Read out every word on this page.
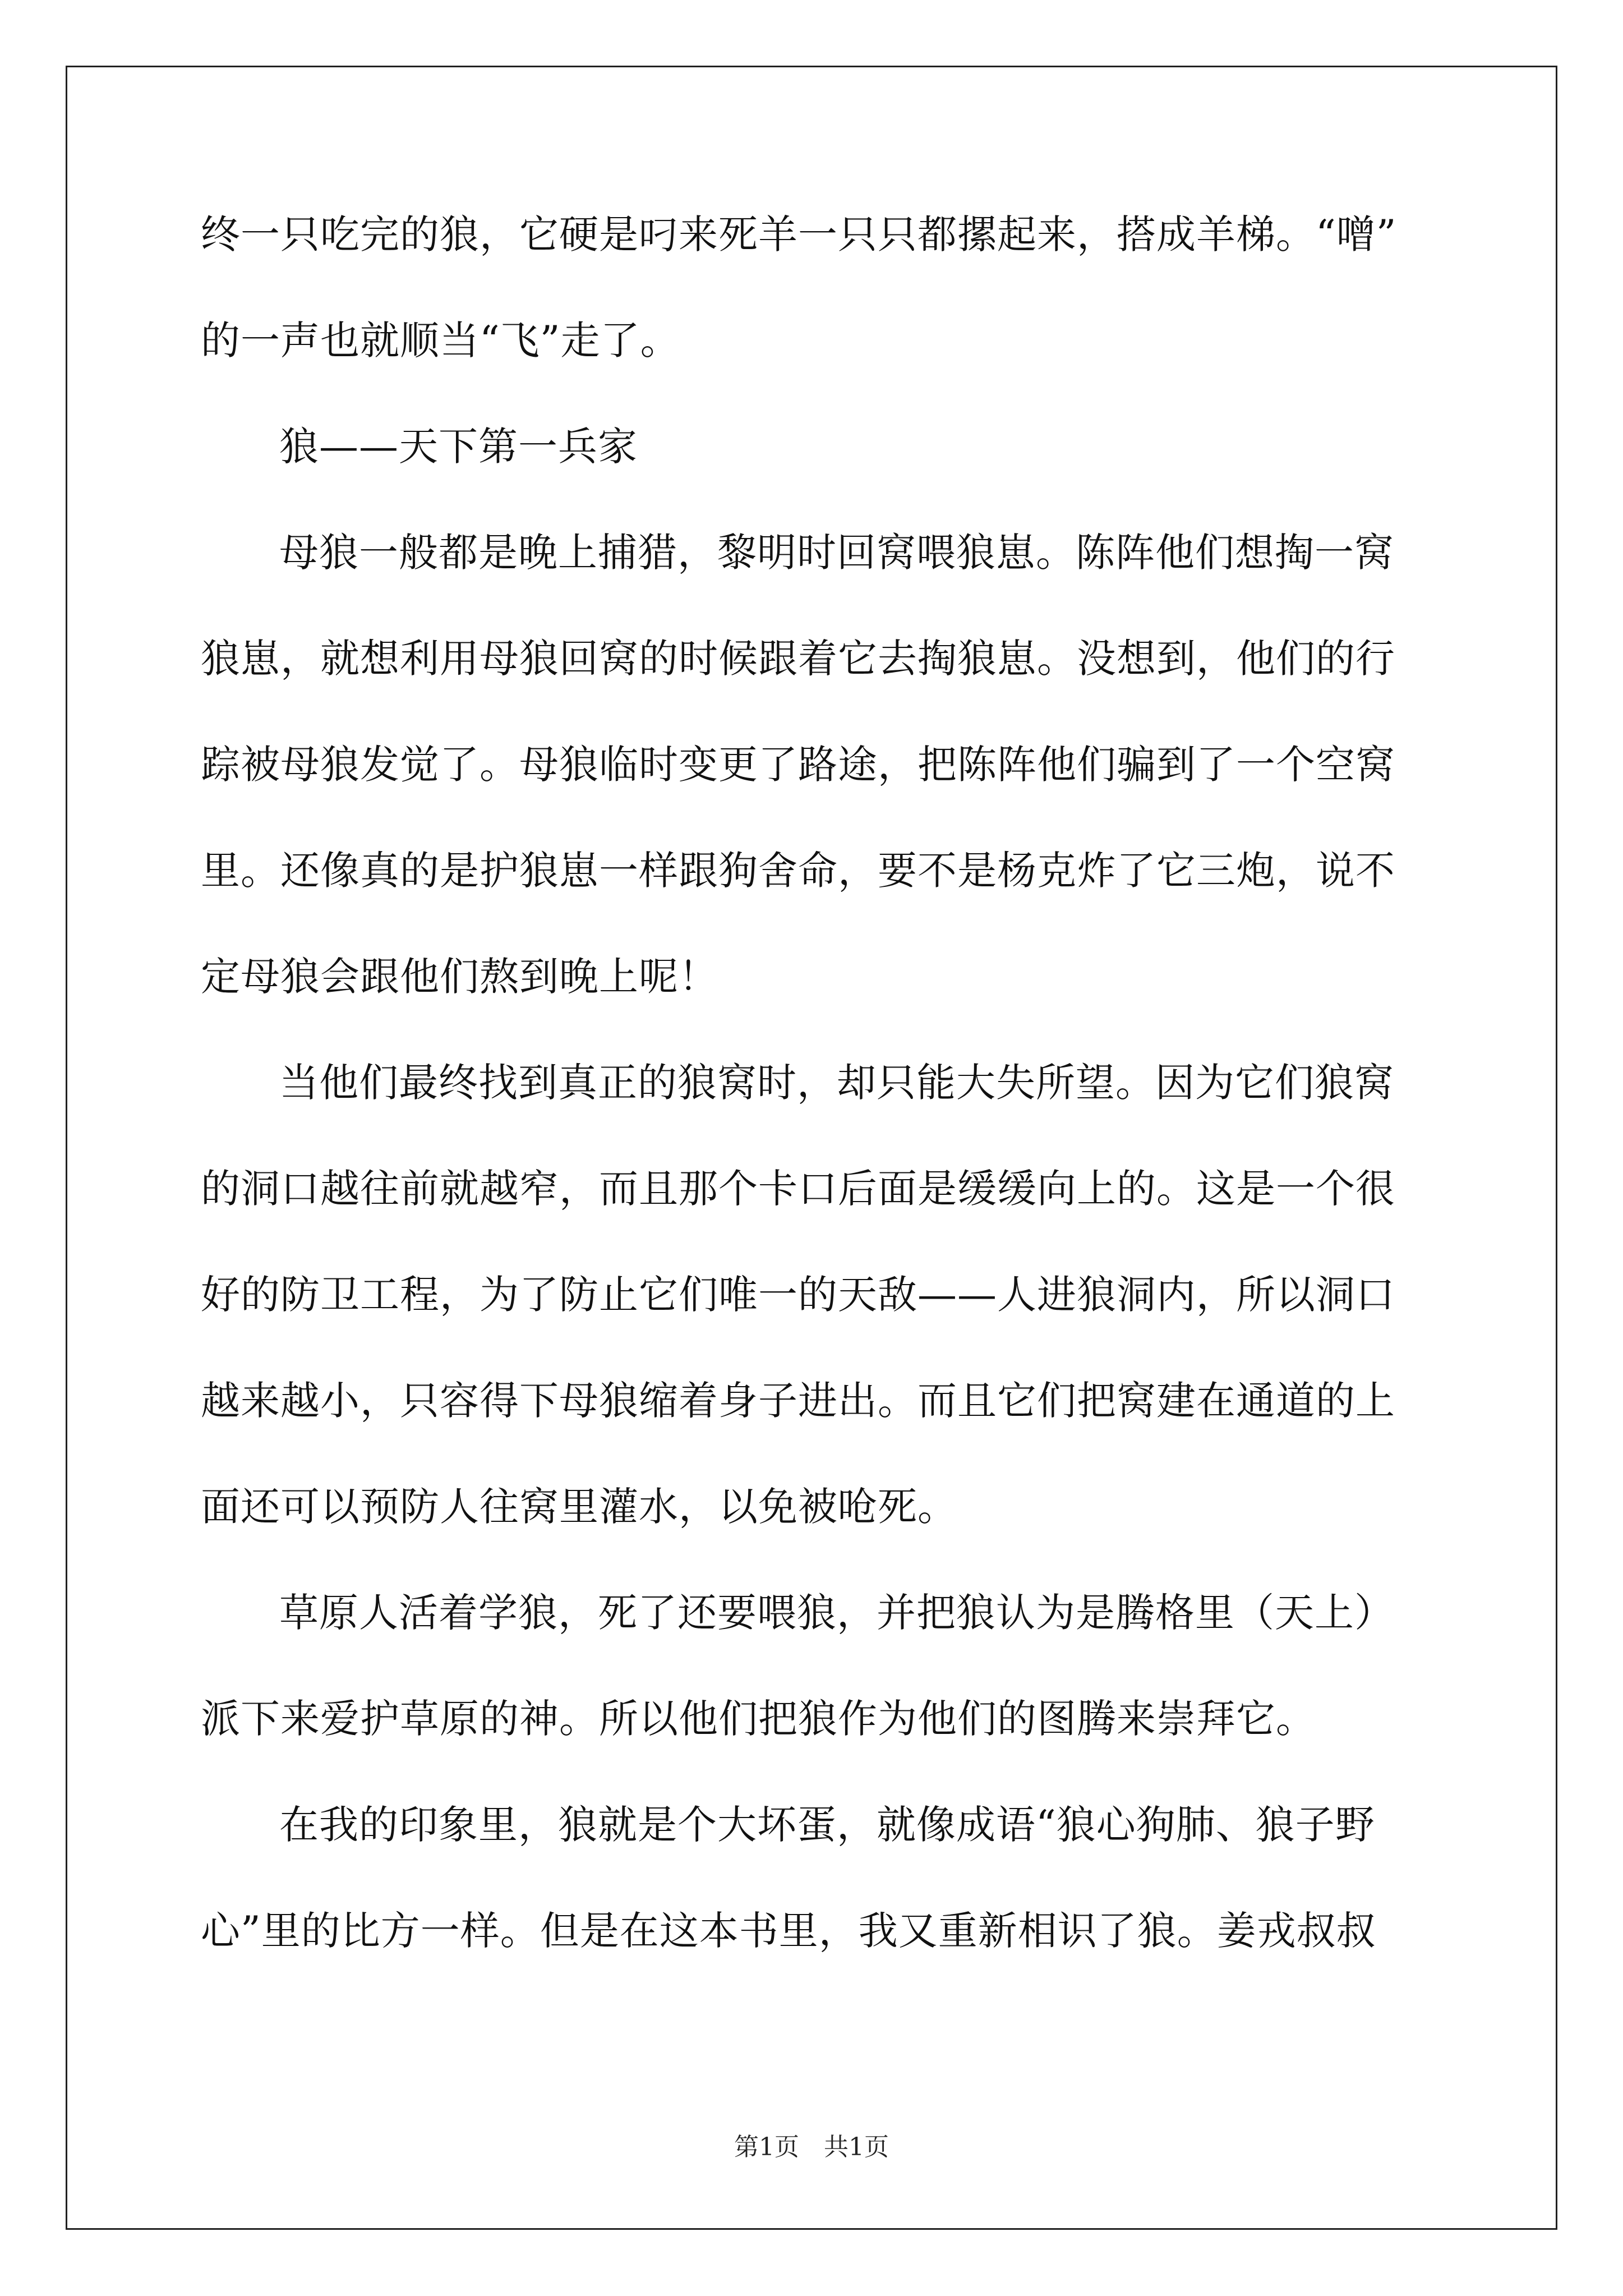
终一只吃完的狼，它硬是叼来死羊一只只都摞起来，搭成羊梯。“噌”
的一声也就顺当“飞”走了。
狼——天下第一兵家
母狼一般都是晚上捕猎，黎明时回窝喂狼崽。陈阵他们想掏一窝
狼崽，就想利用母狼回窝的时候跟着它去掏狼崽。没想到，他们的行
踪被母狼发觉了。母狼临时变更了路途，把陈阵他们骗到了一个空窝
里。还像真的是护狼崽一样跟狗舍命，要不是杨克炸了它三炮，说不
定母狼会跟他们熬到晚上呢！
当他们最终找到真正的狼窝时，却只能大失所望。因为它们狼窝
的洞口越往前就越窄，而且那个卡口后面是缓缓向上的。这是一个很
好的防卫工程，为了防止它们唯一的天敌——人进狼洞内，所以洞口
越来越小，只容得下母狼缩着身子进出。而且它们把窝建在通道的上
面还可以预防人往窝里灌水，以免被呛死。
草原人活着学狼，死了还要喂狼，并把狼认为是腾格里（天上）
派下来爱护草原的神。所以他们把狼作为他们的图腾来崇拜它。
在我的印象里，狼就是个大坏蛋，就像成语“狼心狗肺、狼子野
心”里的比方一样。但是在这本书里，我又重新相识了狼。姜戎叔叔
第1页　共1页
